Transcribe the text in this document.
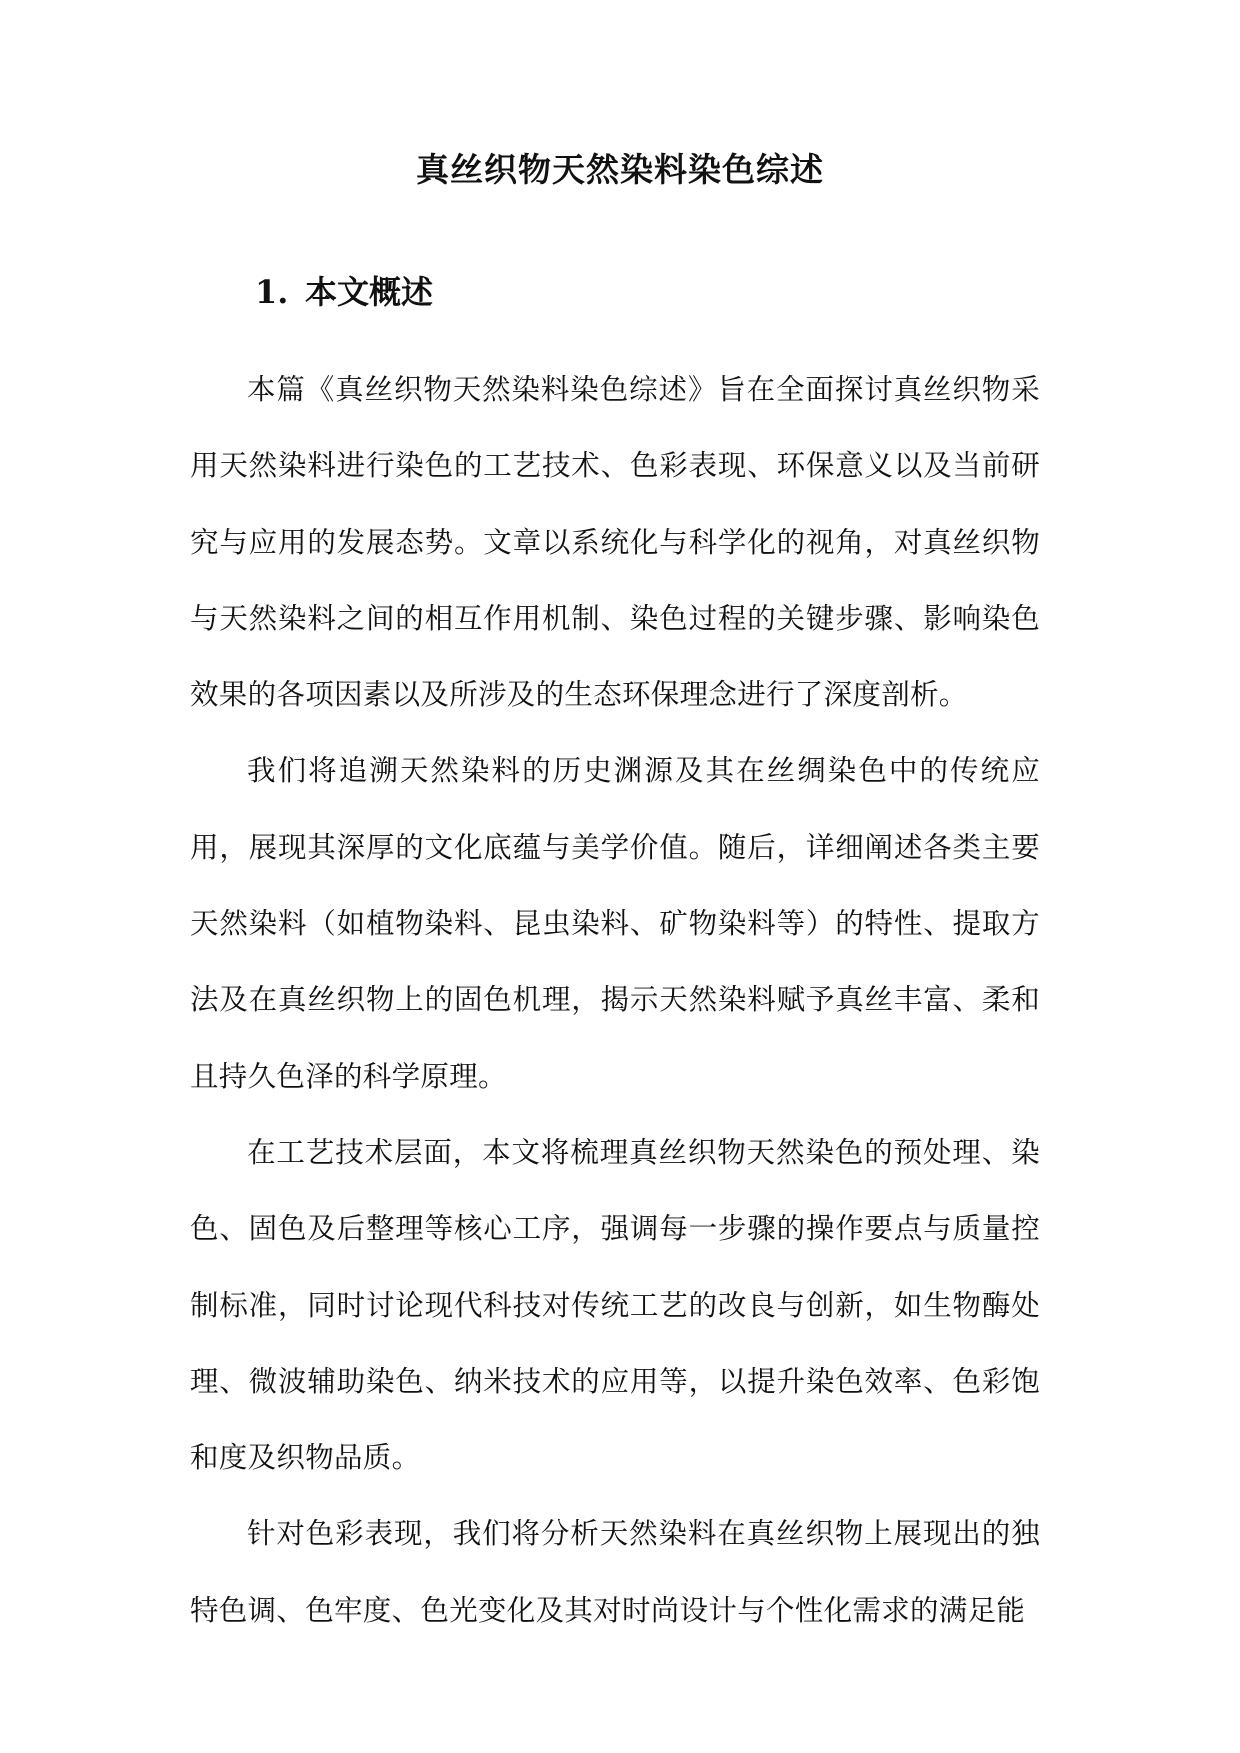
真丝织物天然染料染色综述
1. 本文概述

本篇《真丝织物天然染料染色综述》旨在全面探讨真丝织物采用天然染料进行染色的工艺技术、色彩表现、环保意义以及当前研究与应用的发展态势。文章以系统化与科学化的视角，对真丝织物与天然染料之间的相互作用机制、染色过程的关键步骤、影响染色效果的各项因素以及所涉及的生态环保理念进行了深度剖析。

我们将追溯天然染料的历史渊源及其在丝绸染色中的传统应用，展现其深厚的文化底蕴与美学价值。随后，详细阐述各类主要天然染料（如植物染料、昆虫染料、矿物染料等）的特性、提取方法及在真丝织物上的固色机理，揭示天然染料赋予真丝丰富、柔和且持久色泽的科学原理。

在工艺技术层面，本文将梳理真丝织物天然染色的预处理、染色、固色及后整理等核心工序，强调每一步骤的操作要点与质量控制标准，同时讨论现代科技对传统工艺的改良与创新，如生物酶处理、微波辅助染色、纳米技术的应用等，以提升染色效率、色彩饱和度及织物品质。

针对色彩表现，我们将分析天然染料在真丝织物上展现出的独特色调、色牢度、色光变化及其对时尚设计与个性化需求的满足能
